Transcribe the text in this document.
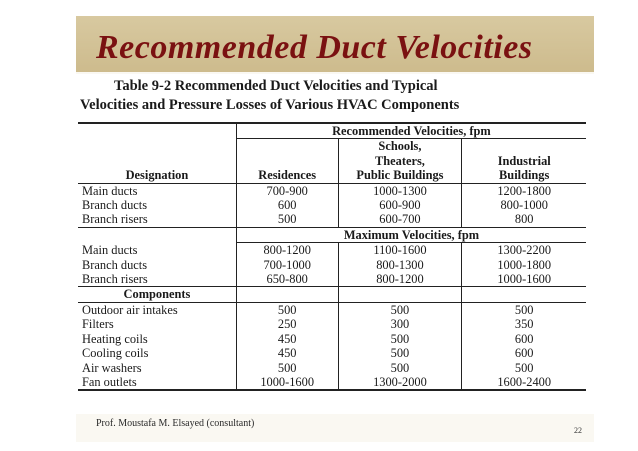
Recommended Duct Velocities
Table 9-2 Recommended Duct Velocities and Typical
Velocities and Pressure Losses of Various HVAC Components
	Recommended Velocities, fpm		
		Schools,	
		Theaters,	Industrial
Designation	Residences	Public Buildings	Buildings
Main ducts	700-900	1000-1300	1200-1800
Branch ducts	600	600-900	800-1000
Branch risers	500	600-700	800
	Maximum Velocities, fpm		
Main ducts	800-1200	1100-1600	1300-2200
Branch ducts	700-1000	800-1300	1000-1800
Branch risers	650-800	800-1200	1000-1600
Components			
Outdoor air intakes	500	500	500
Filters	250	300	350
Heating coils	450	500	600
Cooling coils	450	500	600
Air washers	500	500	500
Fan outlets	1000-1600	1300-2000	1600-2400
Prof. Moustafa M. Elsayed (consultant)
22
